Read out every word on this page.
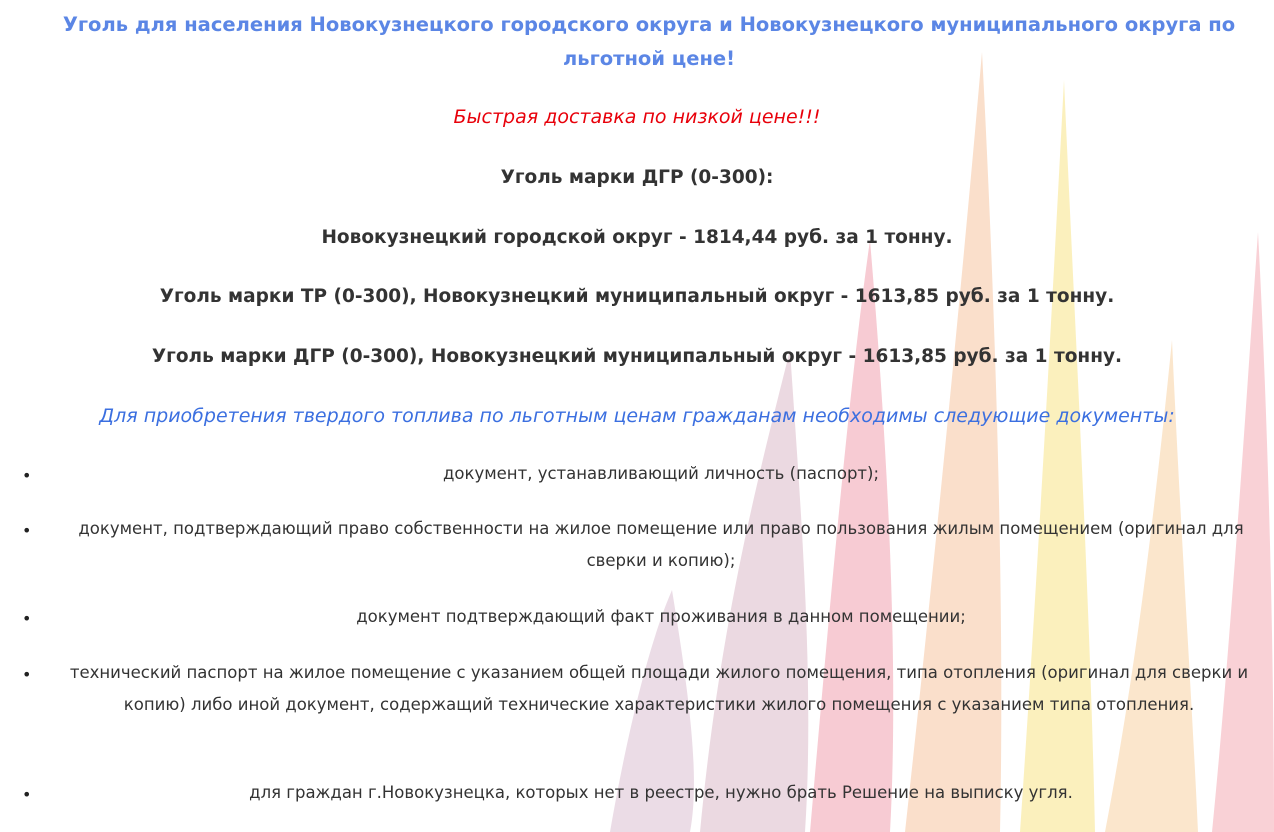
Уголь для населения Новокузнецкого городского округа и Новокузнецкого муниципального округа по льготной цене!
Быстрая доставка по низкой цене!!!
Уголь марки ДГР (0-300):
Новокузнецкий городской округ - 1814,44 руб. за 1 тонну.
Уголь марки ТР (0-300), Новокузнецкий муниципальный округ - 1613,85 руб. за 1 тонну.
Уголь марки ДГР (0-300), Новокузнецкий муниципальный округ - 1613,85 руб. за 1 тонну.
Для приобретения твердого топлива по льготным ценам гражданам необходимы следующие документы:
•	документ, устанавливающий личность (паспорт);
•	документ, подтверждающий право собственности на жилое помещение или право пользования жилым помещением (оригинал для сверки и копию);
•	документ подтверждающий факт проживания в данном помещении;
•	технический паспорт на жилое помещение с указанием общей площади жилого помещения, типа отопления (оригинал для сверки и копию) либо иной документ, содержащий технические характеристики жилого помещения с указанием типа отопления.
•	для граждан г.Новокузнецка, которых нет в реестре, нужно брать Решение на выписку угля.
